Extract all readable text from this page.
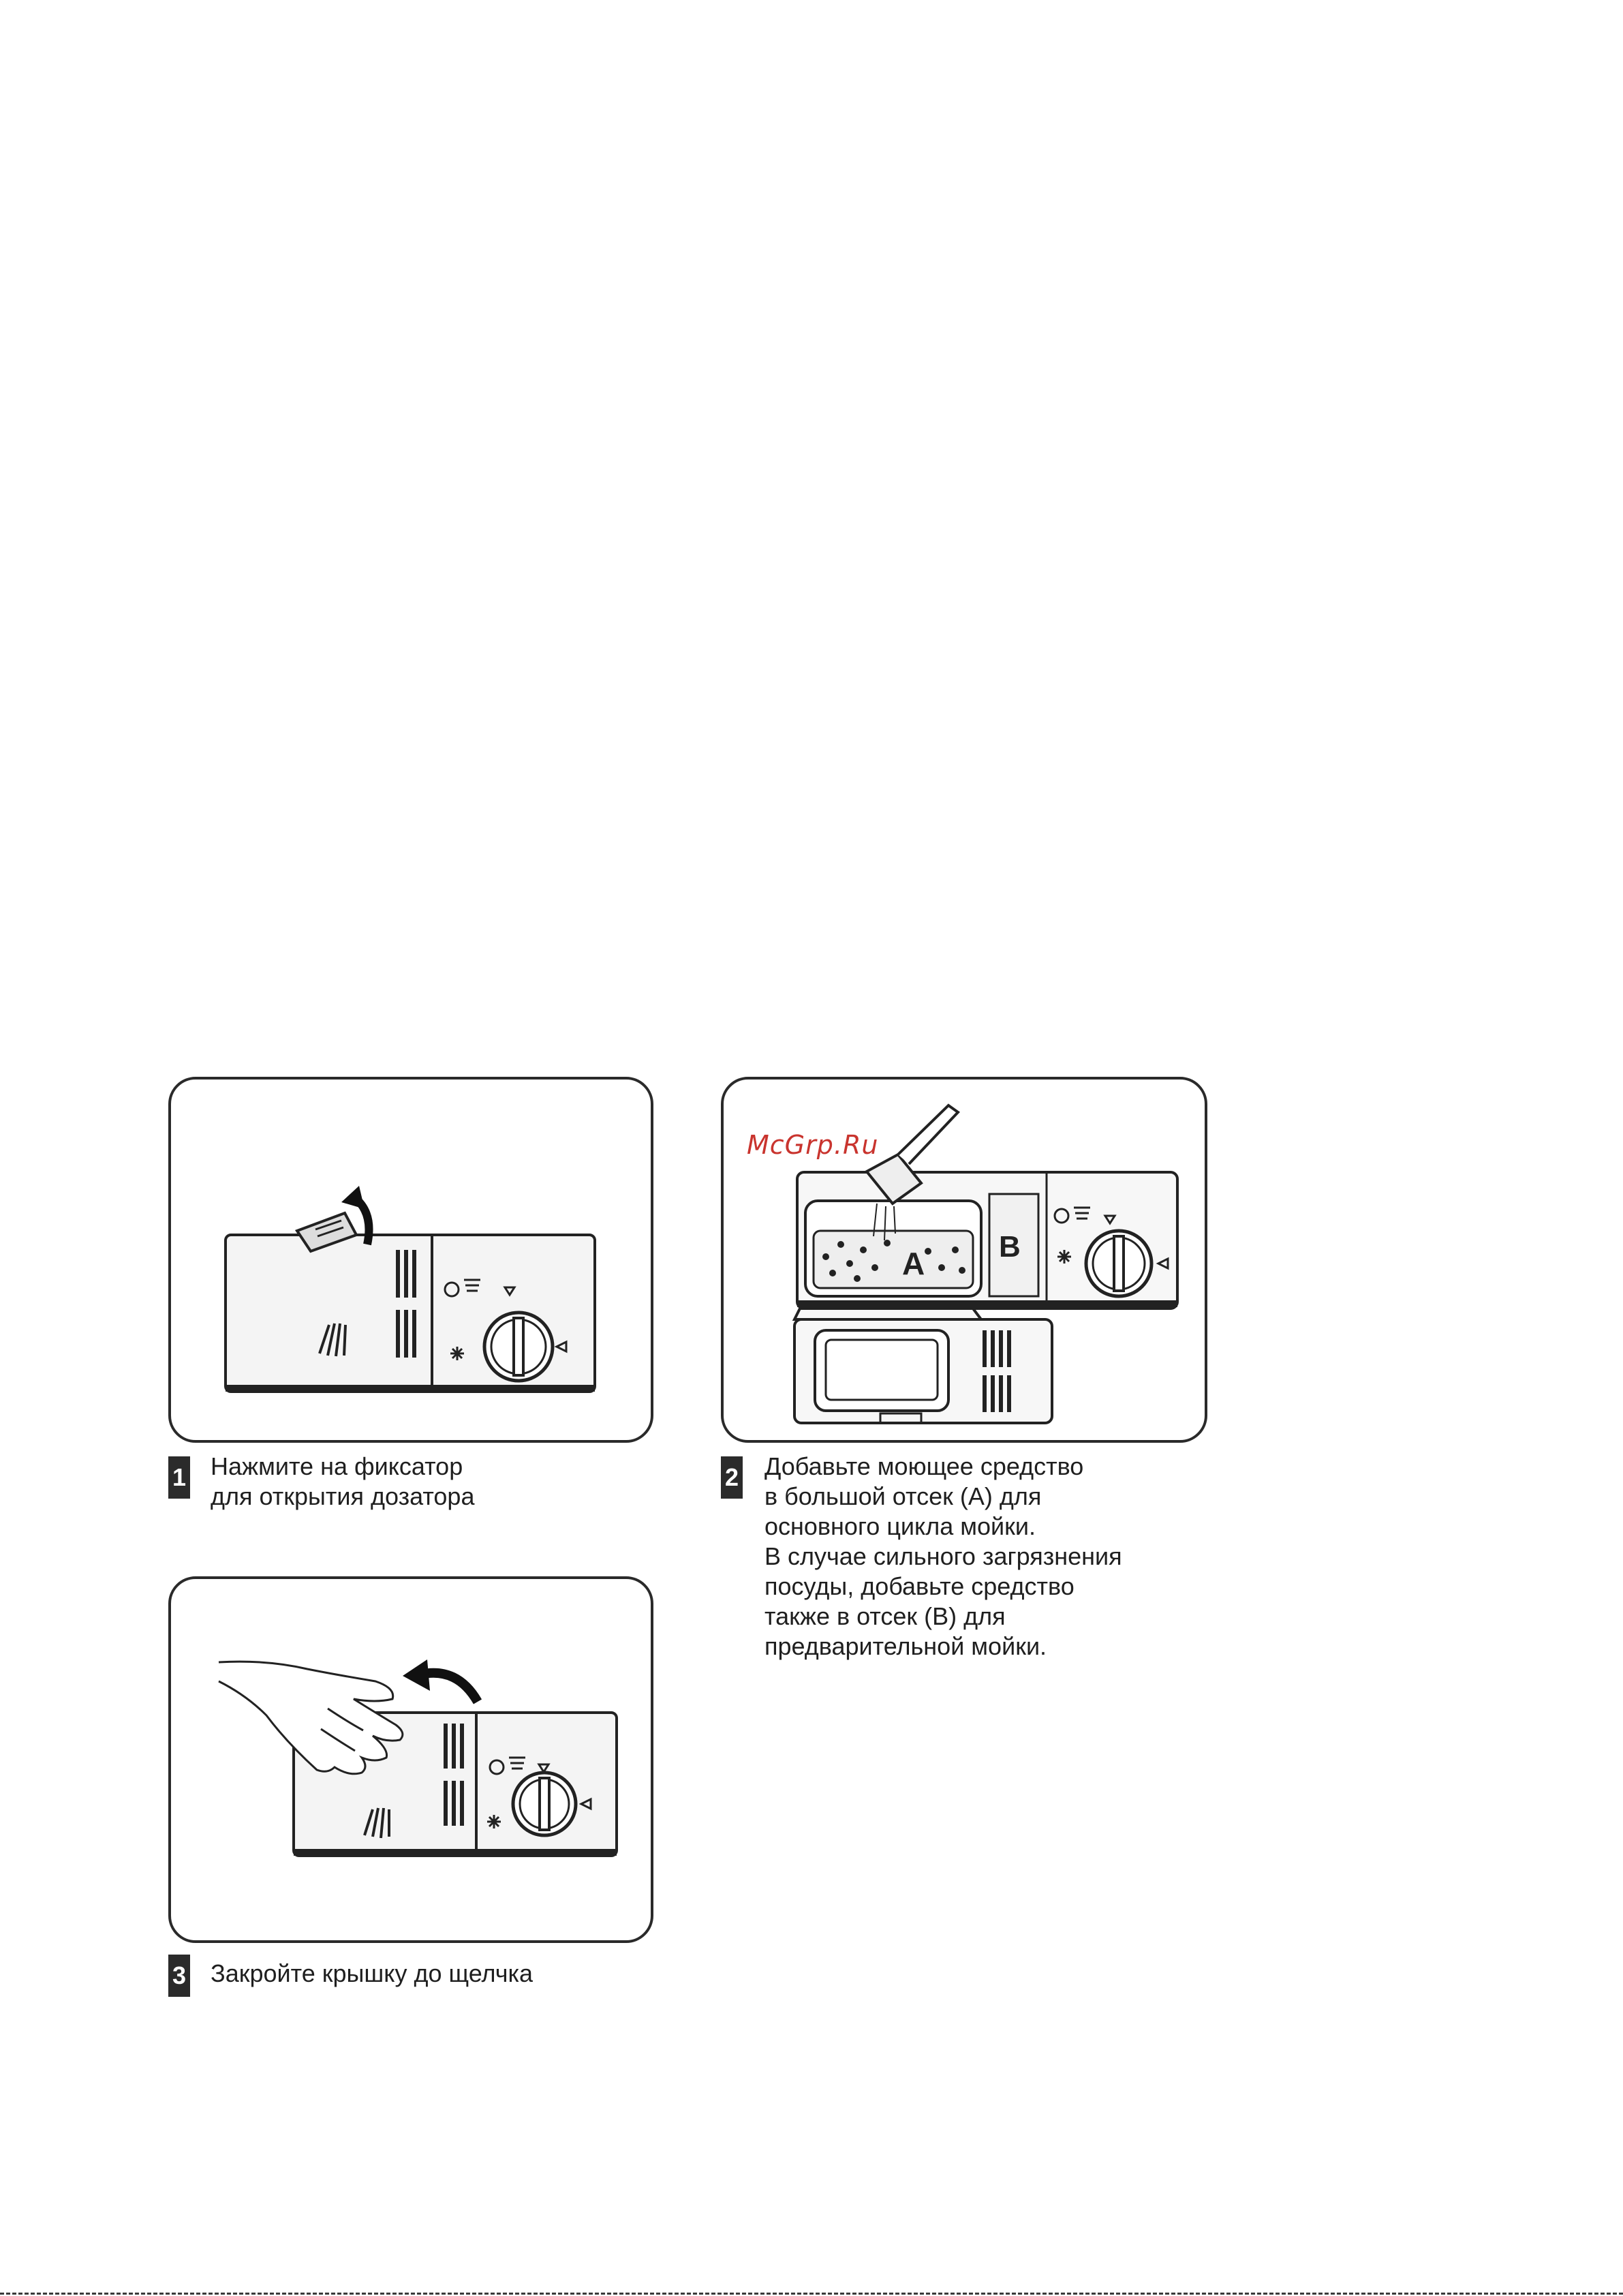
1 Нажмите на фиксатор
для открытия дозатора
A B
McGrp.Ru
2 Добавьте моющее средство
в большой отсек (А) для
основного цикла мойки.
В случае сильного загрязнения
посуды, добавьте средство
также в отсек (В) для
предварительной мойки.
3 Закройте крышку до щелчка
